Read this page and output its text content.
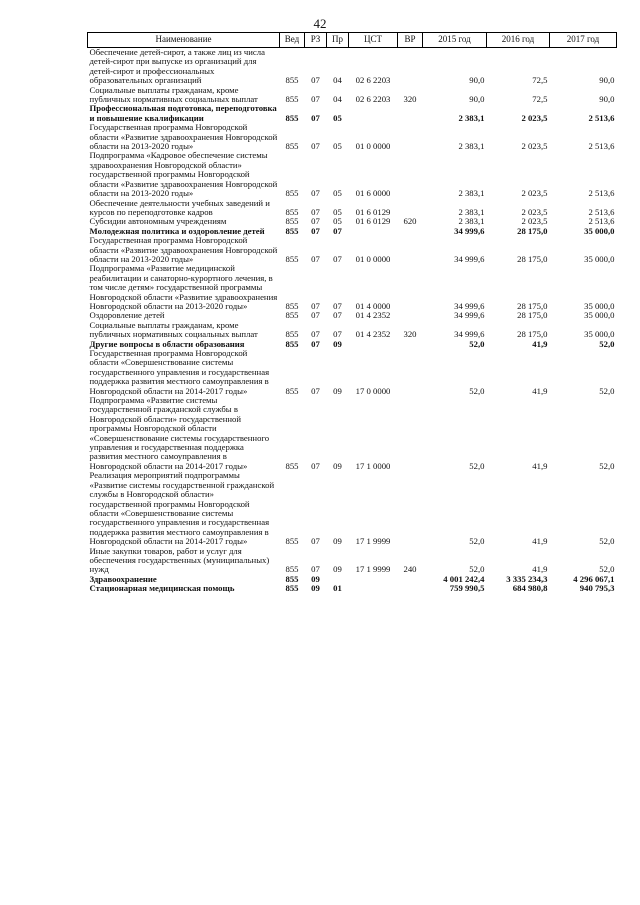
42
Наименование	Вед	РЗ	Пр	ЦСТ	ВР	2015 год	2016 год	2017 год
Обеспечение детей-сирот, а также лиц из числа детей-сирот при выпуске из организаций для детей-сирот и профессиональных образовательных организаций	855	07	04	02 6 2203		90,0	72,5	90,0
Социальные выплаты гражданам, кроме публичных нормативных социальных выплат	855	07	04	02 6 2203	320	90,0	72,5	90,0
Профессиональная подготовка, переподготовка и повышение квалификации	855	07	05			2 383,1	2 023,5	2 513,6
Государственная программа Новгородской области «Развитие здравоохранения Новгородской области на 2013-2020 годы»	855	07	05	01 0 0000		2 383,1	2 023,5	2 513,6
Подпрограмма «Кадровое обеспечение системы здравоохранения Новгородской области» государственной программы Новгородской области «Развитие здравоохранения Новгородской области на 2013-2020 годы»	855	07	05	01 6 0000		2 383,1	2 023,5	2 513,6
Обеспечение деятельности учебных заведений и курсов по переподготовке кадров	855	07	05	01 6 0129		2 383,1	2 023,5	2 513,6
Субсидии автономным учреждениям	855	07	05	01 6 0129	620	2 383,1	2 023,5	2 513,6
Молодежная политика и оздоровление детей	855	07	07			34 999,6	28 175,0	35 000,0
Государственная программа Новгородской области «Развитие здравоохранения Новгородской области на 2013-2020 годы»	855	07	07	01 0 0000		34 999,6	28 175,0	35 000,0
Подпрограмма «Развитие медицинской реабилитации и санаторно-курортного лечения, в том числе детям» государственной программы Новгородской области «Развитие здравоохранения Новгородской области на 2013-2020 годы»	855	07	07	01 4 0000		34 999,6	28 175,0	35 000,0
Оздоровление детей	855	07	07	01 4 2352		34 999,6	28 175,0	35 000,0
Социальные выплаты гражданам, кроме публичных нормативных социальных выплат	855	07	07	01 4 2352	320	34 999,6	28 175,0	35 000,0
Другие вопросы в области образования	855	07	09			52,0	41,9	52,0
Государственная программа Новгородской области «Совершенствование системы государственного управления и государственная поддержка развития местного самоуправления в Новгородской области на 2014-2017 годы»	855	07	09	17 0 0000		52,0	41,9	52,0
Подпрограмма «Развитие системы государственной гражданской службы в Новгородской области» государственной программы Новгородской области «Совершенствование системы государственного управления и государственная поддержка развития местного самоуправления в Новгородской области на 2014-2017 годы»	855	07	09	17 1 0000		52,0	41,9	52,0
Реализация мероприятий подпрограммы «Развитие системы государственной гражданской службы в Новгородской области» государственной программы Новгородской области «Совершенствование системы государственного управления и государственная поддержка развития местного самоуправления в Новгородской области на 2014-2017 годы»	855	07	09	17 1 9999		52,0	41,9	52,0
Иные закупки товаров, работ и услуг для обеспечения государственных (муниципальных) нужд	855	07	09	17 1 9999	240	52,0	41,9	52,0
Здравоохранение	855	09				4 001 242,4	3 335 234,3	4 296 067,1
Стационарная медицинская помощь	855	09	01			759 990,5	684 980,8	940 795,3
